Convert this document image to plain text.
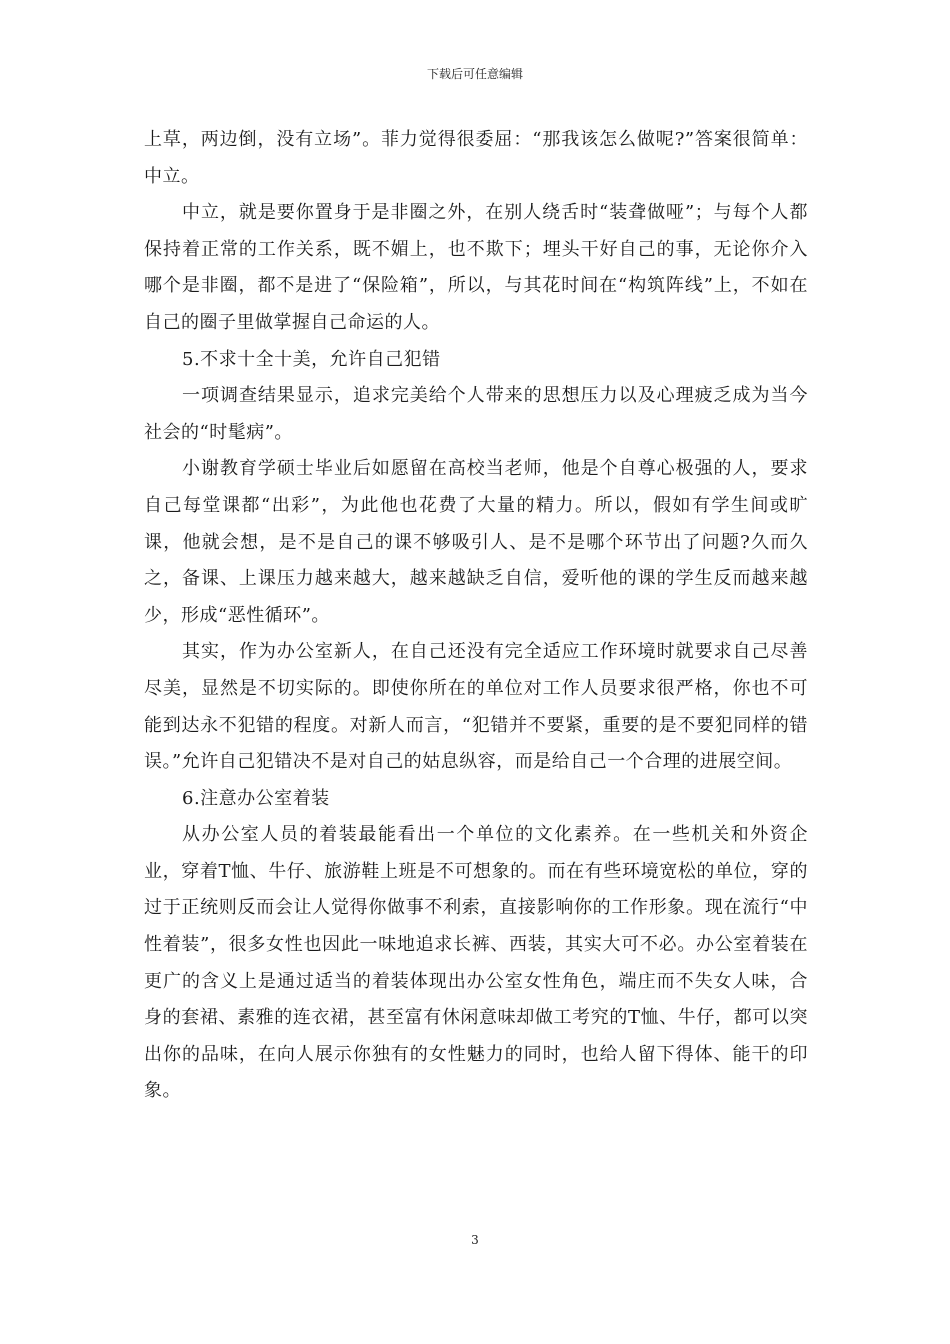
下载后可任意编辑

上草，两边倒，没有立场”。菲力觉得很委屈：“那我该怎么做呢?”答案很简单：中立。

中立，就是要你置身于是非圈之外，在别人绕舌时“装聋做哑”；与每个人都保持着正常的工作关系，既不媚上，也不欺下；埋头干好自己的事，无论你介入哪个是非圈，都不是进了“保险箱”，所以，与其花时间在“构筑阵线”上，不如在自己的圈子里做掌握自己命运的人。

5.不求十全十美，允许自己犯错

一项调查结果显示，追求完美给个人带来的思想压力以及心理疲乏成为当今社会的“时髦病”。

小谢教育学硕士毕业后如愿留在高校当老师，他是个自尊心极强的人，要求自己每堂课都“出彩”，为此他也花费了大量的精力。所以，假如有学生间或旷课，他就会想，是不是自己的课不够吸引人、是不是哪个环节出了问题?久而久之，备课、上课压力越来越大，越来越缺乏自信，爱听他的课的学生反而越来越少，形成“恶性循环”。

其实，作为办公室新人，在自己还没有完全适应工作环境时就要求自己尽善尽美，显然是不切实际的。即使你所在的单位对工作人员要求很严格，你也不可能到达永不犯错的程度。对新人而言，“犯错并不要紧，重要的是不要犯同样的错误。”允许自己犯错决不是对自己的姑息纵容，而是给自己一个合理的进展空间。

6.注意办公室着装

从办公室人员的着装最能看出一个单位的文化素养。在一些机关和外资企业，穿着T恤、牛仔、旅游鞋上班是不可想象的。而在有些环境宽松的单位，穿的过于正统则反而会让人觉得你做事不利索，直接影响你的工作形象。现在流行“中性着装”，很多女性也因此一味地追求长裤、西装，其实大可不必。办公室着装在更广的含义上是通过适当的着装体现出办公室女性角色，端庄而不失女人味，合身的套裙、素雅的连衣裙，甚至富有休闲意味却做工考究的T恤、牛仔，都可以突出你的品味，在向人展示你独有的女性魅力的同时，也给人留下得体、能干的印象。

3
